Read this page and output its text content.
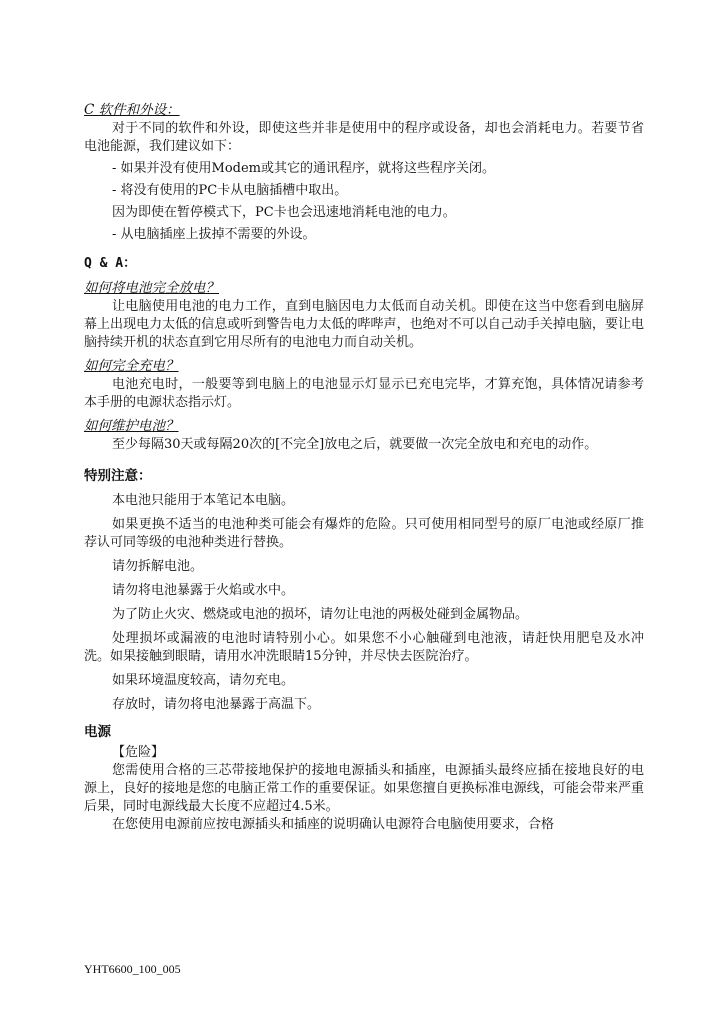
C 软件和外设：

对于不同的软件和外设，即使这些并非是使用中的程序或设备，却也会消耗电力。若要节省电池能源，我们建议如下：

- 如果并没有使用Modem或其它的通讯程序，就将这些程序关闭。

- 将没有使用的PC卡从电脑插槽中取出。

因为即使在暂停模式下，PC卡也会迅速地消耗电池的电力。

- 从电脑插座上拔掉不需要的外设。

Q & A：
如何将电池完全放电？

让电脑使用电池的电力工作，直到电脑因电力太低而自动关机。即使在这当中您看到电脑屏幕上出现电力太低的信息或听到警告电力太低的哔哔声，也绝对不可以自己动手关掉电脑，要让电脑持续开机的状态直到它用尽所有的电池电力而自动关机。

如何完全充电？

电池充电时，一般要等到电脑上的电池显示灯显示已充电完毕，才算充饱，具体情况请参考本手册的电源状态指示灯。

如何维护电池？

至少每隔30天或每隔20次的[不完全]放电之后，就要做一次完全放电和充电的动作。

特别注意：

本电池只能用于本笔记本电脑。

如果更换不适当的电池种类可能会有爆炸的危险。只可使用相同型号的原厂电池或经原厂推荐认可同等级的电池种类进行替换。

请勿拆解电池。

请勿将电池暴露于火焰或水中。

为了防止火灾、燃烧或电池的损坏，请勿让电池的两极处碰到金属物品。

处理损坏或漏液的电池时请特别小心。如果您不小心触碰到电池液，请赶快用肥皂及水冲洗。如果接触到眼睛，请用水冲洗眼睛15分钟，并尽快去医院治疗。

如果环境温度较高，请勿充电。

存放时，请勿将电池暴露于高温下。

电源

【危险】

您需使用合格的三芯带接地保护的接地电源插头和插座，电源插头最终应插在接地良好的电源上，良好的接地是您的电脑正常工作的重要保证。如果您擅自更换标准电源线，可能会带来严重后果，同时电源线最大长度不应超过4.5米。

在您使用电源前应按电源插头和插座的说明确认电源符合电脑使用要求，合格

YHT6600_100_005
